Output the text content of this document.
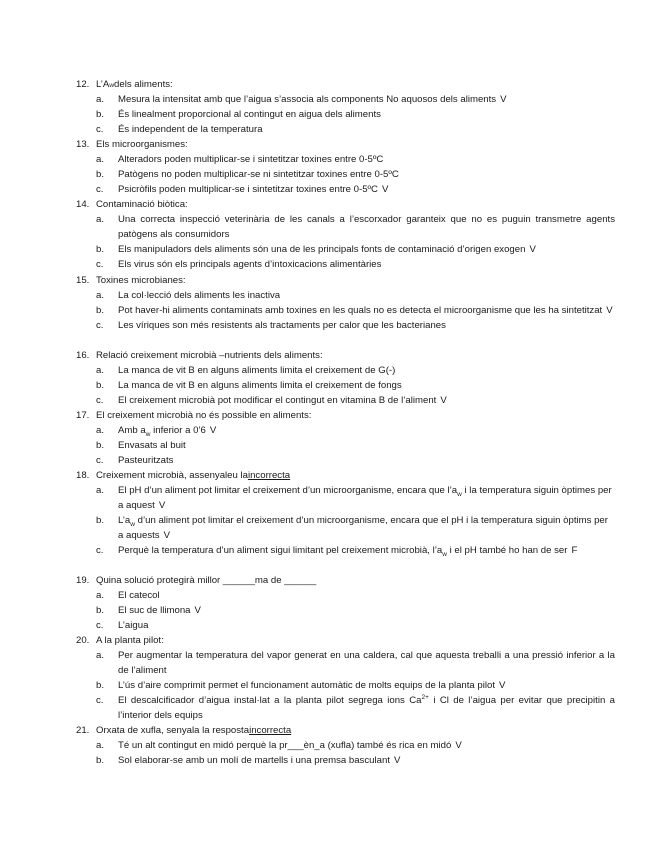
12. L’A w dels aliments:
a.	Mesura la intensitat amb que l’aigua s’associa als components No aquosos dels aliments V
b.	És linealment proporcional al contingut en aigua dels aliments
c.	És independent de la temperatura
13. Els microorganismes:
a.	Alteradors poden multiplicar-se i sintetitzar toxines entre 0-5ºC
b.	Patògens no poden multiplicar-se ni sintetitzar toxines entre 0-5ºC
c.	Psicròfils poden multiplicar-se i sintetitzar toxines entre 0-5ºC V
14. Contaminació biòtica:
a.	Una correcta inspecció veterinària de les canals a l’escorxador garanteix que no es puguin transmetre agents patògens als consumidors
b.	Els manipuladors dels aliments són una de les principals fonts de contaminació d’origen exogen V
c.	Els virus són els principals agents d’intoxicacions alimentàries
15. Toxines microbianes:
a.	La col·lecció dels aliments les inactiva
b.	Pot haver-hi aliments contaminats amb toxines en les quals no es detecta el microorganisme que les ha sintetitzat V
c.	Les víriques son més resistents als tractaments per calor que les bacterianes
16. Relació creixement microbià –nutrients dels aliments:
a.	La manca de vit B en alguns aliments limita el creixement de G(-)
b.	La manca de vit B en alguns aliments limita el creixement de fongs
c.	El creixement microbià pot modificar el contingut en vitamina B de l’aliment V
17. El creixement microbià no és possible en aliments:
a.	Amb $a_w$ inferior a 0’6 V
b.	Envasats al buit
c.	Pasteuritzats
18. Creixement microbià, assenyaleu la incorrecta
a.	El pH d’un aliment pot limitar el creixement d’un microorganisme, encara que $l’a_w$ i la temperatura siguin òptimes per a aquest V
b.	$L’a_w$ d’un aliment pot limitar el creixement d’un microorganisme, encara que el pH i la temperatura siguin òptims per a aquests V
c.	Perquè la temperatura d’un aliment sigui limitant pel creixement microbià, $l’a_w$ i el pH també ho han de ser F
19. Quina solució protegirà millor ______ma de ______
a.	El catecol
b.	El suc de llimona V
c.	L’aigua
20. A la planta pilot:
a.	Per augmentar la temperatura del vapor generat en una caldera, cal que aquesta treballi a una pressió inferior a la de l’aliment
b.	L’ús d’aire comprimit permet el funcionament automàtic de molts equips de la planta pilot V
c.	El descalcificador d’aigua instal·lat a la planta pilot segrega ions $Ca^{2+}$ i Cl de l’aigua per evitar que precipitin a l’interior dels equips
21. Orxata de xufla, senyala la resposta incorrecta
a.	Té un alt contingut en midó perquè la pr___èn_a (xufla) també és rica en midó V
b.	Sol elaborar-se amb un molí de martells i una premsa basculant V
